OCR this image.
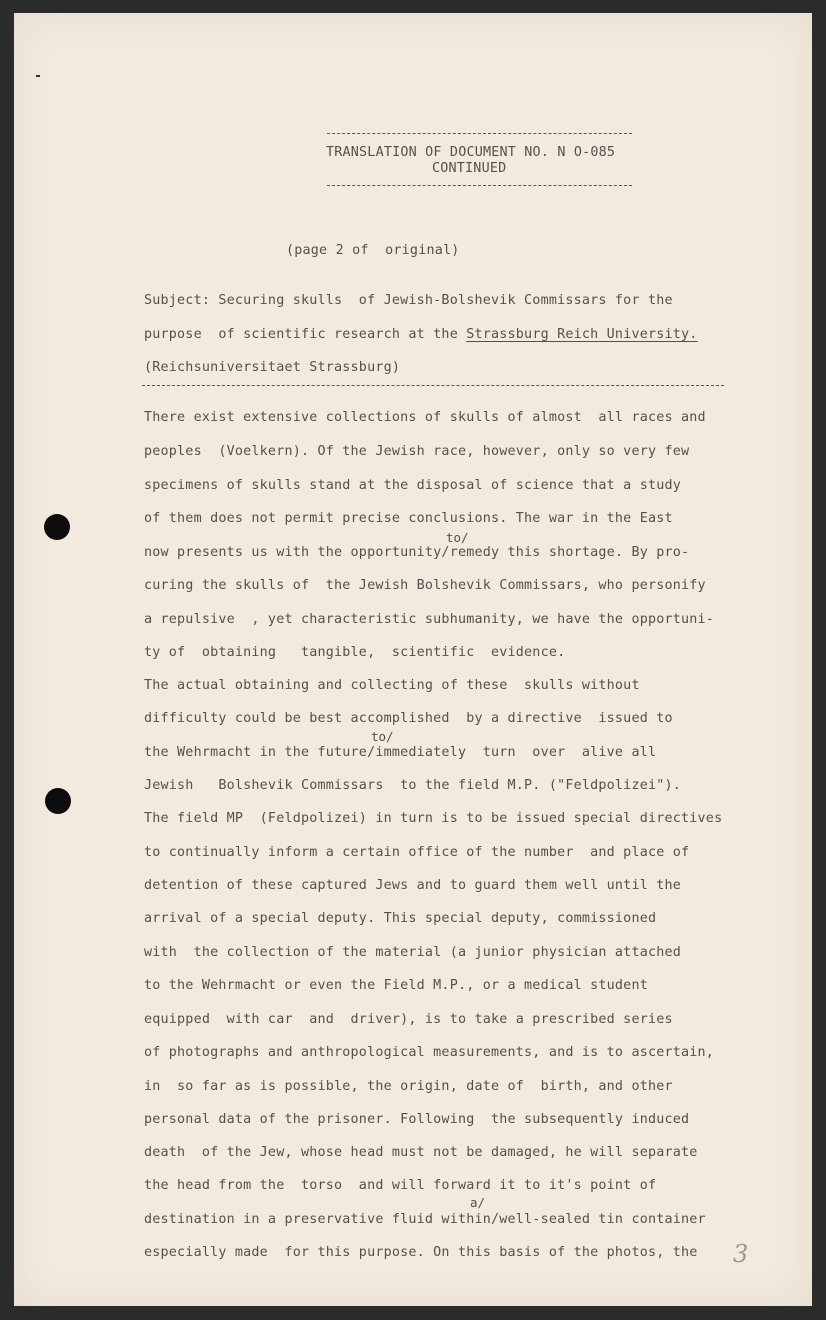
TRANSLATION OF DOCUMENT NO. N O-085
CONTINUED
(page 2 of  original)
Subject: Securing skulls  of Jewish-Bolshevik Commissars for the
purpose  of scientific research at the Strassburg Reich University.
(Reichsuniversitaet Strassburg)
There exist extensive collections of skulls of almost  all races and
peoples  (Voelkern). Of the Jewish race, however, only so very few
specimens of skulls stand at the disposal of science that a study
of them does not permit precise conclusions. The war in the East
to/
now presents us with the opportunity/remedy this shortage. By pro-
curing the skulls of  the Jewish Bolshevik Commissars, who personify
a repulsive  , yet characteristic subhumanity, we have the opportuni-
ty of  obtaining   tangible,  scientific  evidence.
The actual obtaining and collecting of these  skulls without
difficulty could be best accomplished  by a directive  issued to
to/
the Wehrmacht in the future/immediately  turn  over  alive all
Jewish   Bolshevik Commissars  to the field M.P. ("Feldpolizei").
The field MP  (Feldpolizei) in turn is to be issued special directives
to continually inform a certain office of the number  and place of
detention of these captured Jews and to guard them well until the
arrival of a special deputy. This special deputy, commissioned
with  the collection of the material (a junior physician attached
to the Wehrmacht or even the Field M.P., or a medical student
equipped  with car  and  driver), is to take a prescribed series
of photographs and anthropological measurements, and is to ascertain,
in  so far as is possible, the origin, date of  birth, and other
personal data of the prisoner. Following  the subsequently induced
death  of the Jew, whose head must not be damaged, he will separate
the head from the  torso  and will forward it to it's point of
a/
destination in a preservative fluid within/well-sealed tin container
especially made  for this purpose. On this basis of the photos, the 3
